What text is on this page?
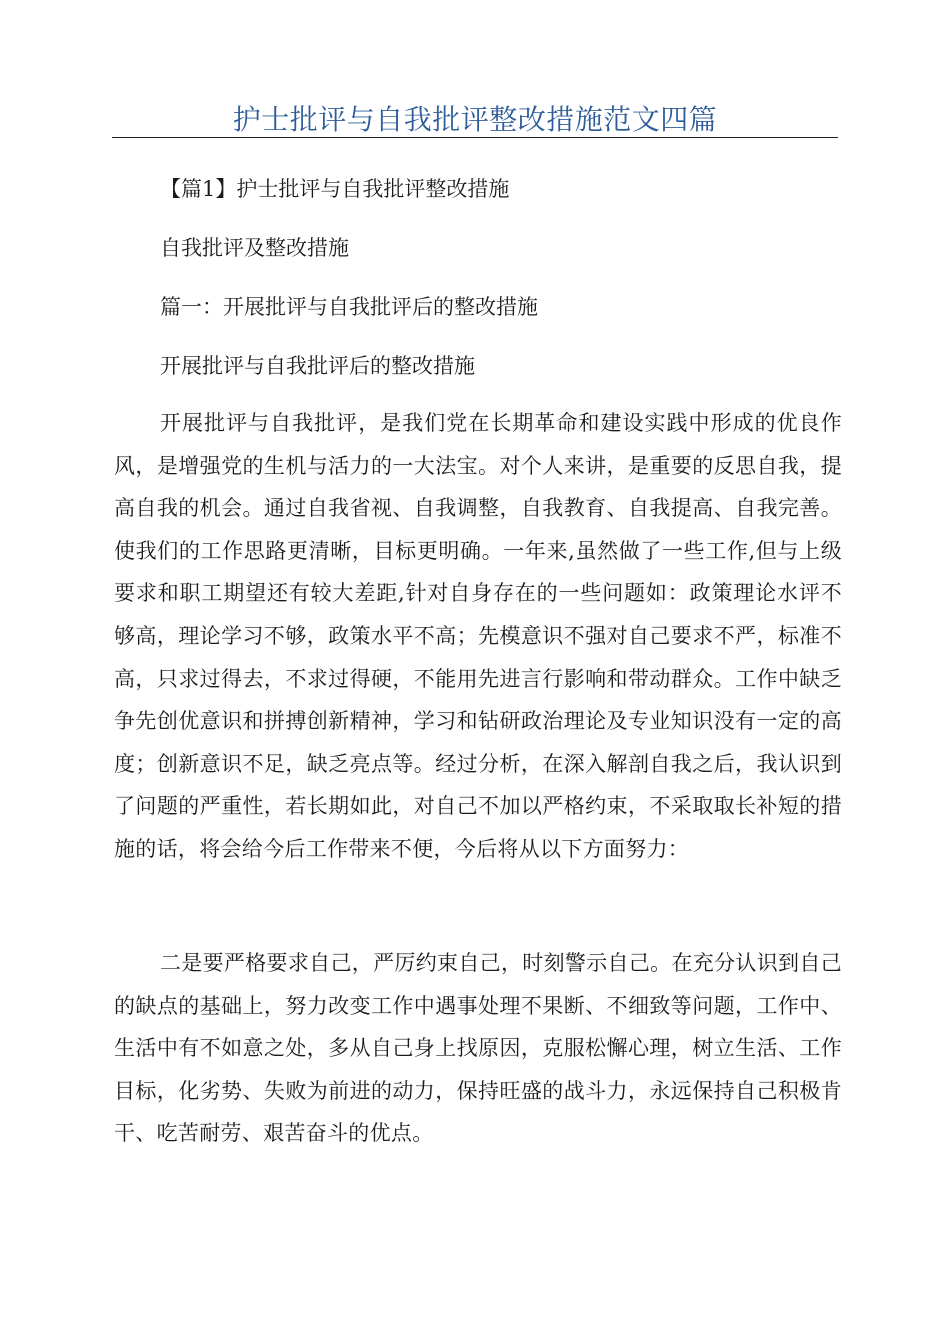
护士批评与自我批评整改措施范文四篇
【篇1】护士批评与自我批评整改措施
自我批评及整改措施
篇一：开展批评与自我批评后的整改措施
开展批评与自我批评后的整改措施

开展批评与自我批评，是我们党在长期革命和建设实践中形成的优良作风，是增强党的生机与活力的一大法宝。对个人来讲，是重要的反思自我，提高自我的机会。通过自我省视、自我调整，自我教育、自我提高、自我完善。使我们的工作思路更清晰，目标更明确。一年来,虽然做了一些工作,但与上级要求和职工期望还有较大差距,针对自身存在的一些问题如：政策理论水评不够高，理论学习不够，政策水平不高；先模意识不强对自己要求不严，标准不高，只求过得去，不求过得硬，不能用先进言行影响和带动群众。工作中缺乏争先创优意识和拼搏创新精神，学习和钻研政治理论及专业知识没有一定的高度；创新意识不足，缺乏亮点等。经过分析，在深入解剖自我之后，我认识到了问题的严重性，若长期如此，对自己不加以严格约束，不采取取长补短的措施的话，将会给今后工作带来不便，今后将从以下方面努力：

二是要严格要求自己，严厉约束自己，时刻警示自己。在充分认识到自己的缺点的基础上，努力改变工作中遇事处理不果断、不细致等问题，工作中、生活中有不如意之处，多从自己身上找原因，克服松懈心理，树立生活、工作目标，化劣势、失败为前进的动力，保持旺盛的战斗力，永远保持自己积极肯干、吃苦耐劳、艰苦奋斗的优点。
